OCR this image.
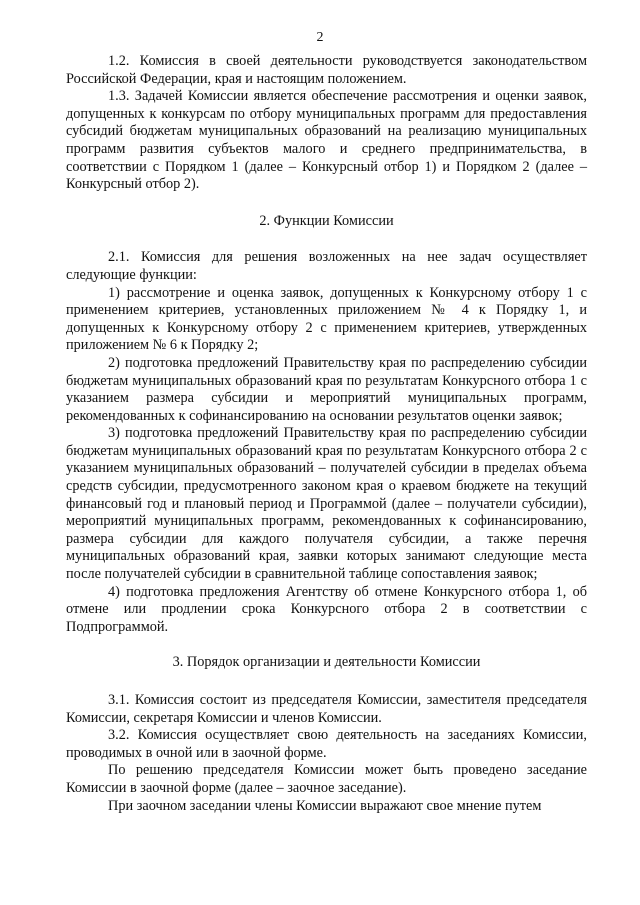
2

1.2. Комиссия в своей деятельности руководствуется законодательством Российской Федерации, края и настоящим положением.

1.3. Задачей Комиссии является обеспечение рассмотрения и оценки заявок, допущенных к конкурсам по отбору муниципальных программ для предоставления субсидий бюджетам муниципальных образований на реализацию муниципальных программ развития субъектов малого и среднего предпринимательства, в соответствии с Порядком 1 (далее – Конкурсный отбор 1) и Порядком 2 (далее – Конкурсный отбор 2).

2. Функции Комиссии

2.1. Комиссия для решения возложенных на нее задач осуществляет следующие функции:

1) рассмотрение и оценка заявок, допущенных к Конкурсному отбору 1 с применением критериев, установленных приложением № 4 к Порядку 1, и допущенных к Конкурсному отбору 2 с применением критериев, утвержденных приложением № 6 к Порядку 2;

2) подготовка предложений Правительству края по распределению субсидии бюджетам муниципальных образований края по результатам Конкурсного отбора 1 с указанием размера субсидии и мероприятий муниципальных программ, рекомендованных к софинансированию на основании результатов оценки заявок;

3) подготовка предложений Правительству края по распределению субсидии бюджетам муниципальных образований края по результатам Конкурсного отбора 2 с указанием муниципальных образований – получателей субсидии в пределах объема средств субсидии, предусмотренного законом края о краевом бюджете на текущий финансовый год и плановый период и Программой (далее – получатели субсидии), мероприятий муниципальных программ, рекомендованных к софинансированию, размера субсидии для каждого получателя субсидии, а также перечня муниципальных образований края, заявки которых занимают следующие места после получателей субсидии в сравнительной таблице сопоставления заявок;

4) подготовка предложения Агентству об отмене Конкурсного отбора 1, об отмене или продлении срока Конкурсного отбора 2 в соответствии с Подпрограммой.

3. Порядок организации и деятельности Комиссии

3.1. Комиссия состоит из председателя Комиссии, заместителя председателя Комиссии, секретаря Комиссии и членов Комиссии.

3.2. Комиссия осуществляет свою деятельность на заседаниях Комиссии, проводимых в очной или в заочной форме.

По решению председателя Комиссии может быть проведено заседание Комиссии в заочной форме (далее – заочное заседание).

При заочном заседании члены Комиссии выражают свое мнение путем
